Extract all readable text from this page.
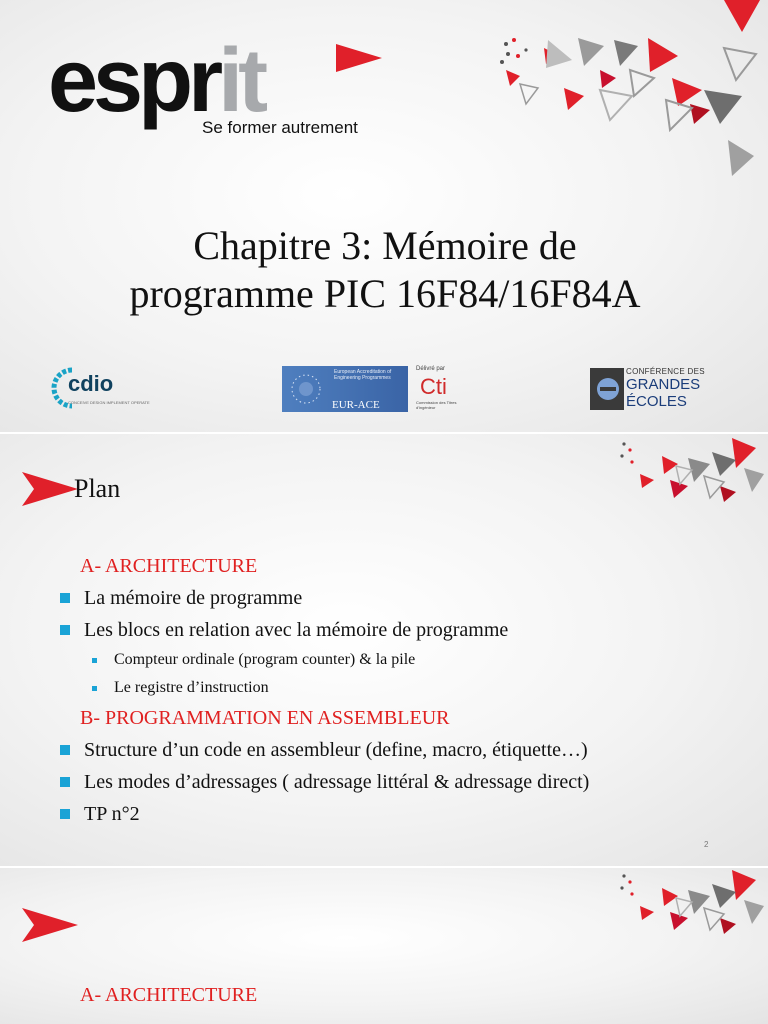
esprit
Se former autrement
Chapitre 3: Mémoire de
programme PIC 16F84/16F84A
cdio
CONCEIVE DESIGN IMPLEMENT OPERATE
European Accreditation of Engineering Programmes
EUR-ACE
Délivré par
Cti
Commission des Titres d'ingénieur
CONFÉRENCE DES
GRANDES
ÉCOLES
Plan
A- ARCHITECTURE
La mémoire de programme
Les blocs en relation avec la mémoire de programme
Compteur ordinale (program counter) & la pile
Le registre d’instruction
B- PROGRAMMATION EN ASSEMBLEUR
Structure d’un code en assembleur (define, macro, étiquette…)
Les modes d’adressages ( adressage littéral & adressage direct)
TP n°2
2
A- ARCHITECTURE
